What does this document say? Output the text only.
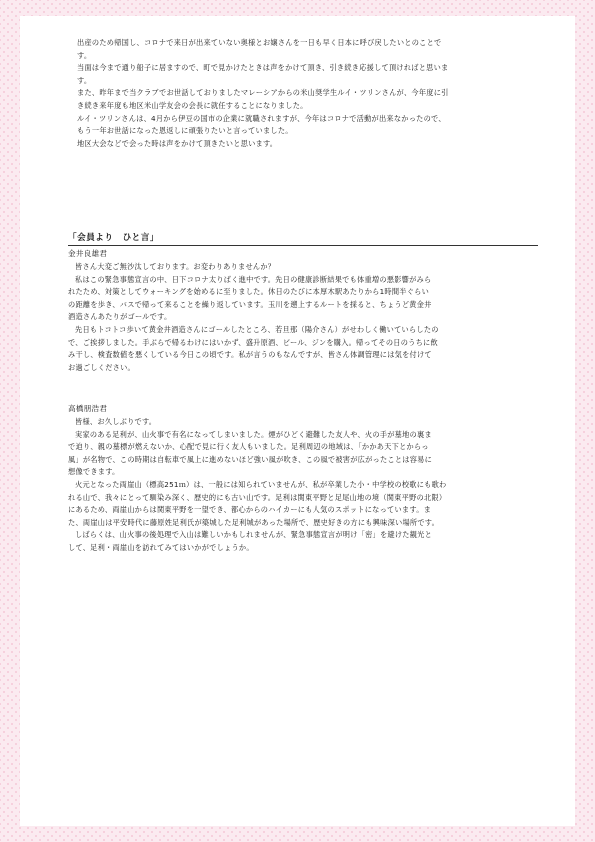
出産のため帰国し、コロナで来日が出来ていない奥様とお嬢さんを一日も早く日本に呼び戻したいとのことで

す。

当面は今まで通り船子に居ますので、町で見かけたときは声をかけて頂き、引き続き応援して頂ければと思いま

す。

また、昨年まで当クラブでお世話しておりましたマレーシアからの米山奨学生ルイ・ツリンさんが、今年度に引

き続き来年度も地区米山学友会の会長に就任することになりました。

ルイ・ツリンさんは、4月から伊豆の国市の企業に就職されますが、今年はコロナで活動が出来なかったので、

もう一年お世話になった恩返しに頑張りたいと言っていました。

地区大会などで会った時は声をかけて頂きたいと思います。

「会員より　ひと言」

金井良雄君

皆さん大変ご無沙汰しております。お変わりありませんか？

私はこの緊急事態宣言の中、日下コロナ太りばく進中です。先日の健康診断結果でも体重増の悪影響がみら

れたため、対策としてウォーキングを始めるに至りました。休日のたびに本厚木駅あたりから1時間半ぐらい

の距離を歩き、バスで帰って来ることを繰り返しています。玉川を遡上するルートを採ると、ちょうど黄金井

酒造さんあたりがゴールです。

先日もトコトコ歩いて黄金井酒造さんにゴールしたところ、若旦那（陽介さん）がせわしく働いていらしたの

で、ご挨拶しました。手ぶらで帰るわけにはいかず、盛升原酒、ビール、ジンを購入。帰ってその日のうちに飲

み干し、検査数値を悪くしている今日この頃です。私が言うのもなんですが、皆さん体調管理には気を付けて

お過ごしください。

高橋朋浩君

皆様、お久しぶりです。

実家のある足利が、山火事で有名になってしまいました。煙がひどく避難した友人や、火の手が墓地の裏ま

で迫り、親の墓標が燃えないか、心配で見に行く友人もいました。足利周辺の地域は、「かかあ天下とからっ

風」が名物で、この時期は自転車で風上に進めないほど強い風が吹き、この風で被害が広がったことは容易に

想像できます。

火元となった両崖山（標高251ｍ）は、一般には知られていませんが、私が卒業した小・中学校の校歌にも歌わ

れる山で、我々にとって馴染み深く、歴史的にも古い山です。足利は関東平野と足尾山地の境（関東平野の北限）

にあるため、両崖山からは関東平野を一望でき、都心からのハイカーにも人気のスポットになっています。ま

た、両崖山は平安時代に藤原姓足利氏が築城した足利城があった場所で、歴史好きの方にも興味深い場所です。

しばらくは、山火事の後処理で入山は難しいかもしれませんが、緊急事態宣言が明け「密」を避けた観光と

して、足利・両崖山を訪れてみてはいかがでしょうか。
